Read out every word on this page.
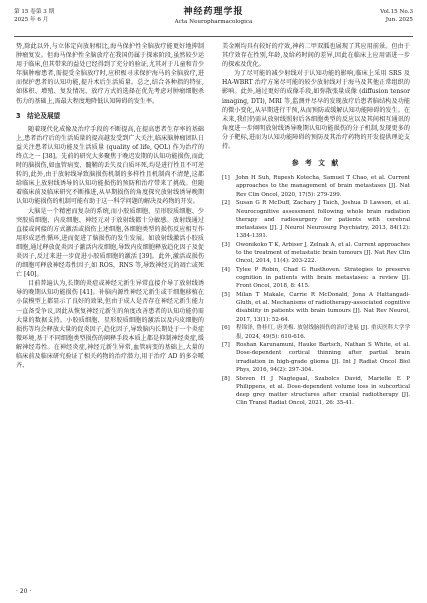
第 15 卷第 3 期
2025 年 6 月
神经药理学报
Acta Neuropharmacologica
Vol.15 No.3
Jun. 2025

势,除此以外,与立体定向放射相比,海马保护性全脑放疗能更好地抑制肿瘤复发。但海马保护性全脑放疗在我国仍属于探索阶段,虽然较少运用于临床,但其带来的益处已经得到了充分的验证,尤其对于儿童和青少年脑肿瘤患者,需提受全脑放疗时,应积极寻求保护海马的全脑放疗,进而保护患者的认知功能,提升术后生活质量。总之,结合各种指的特征,如体积、增殖、复发情况、放疗方式的选择在优先考虑对肿瘤细胞杀伤力的基础上,需最大程度地降低认知障碍的发生率。

3　结论及展望

随着现代化成像及治疗手段的不断提高,在提高患者生存率的基础上,患者治疗后的生活质量的提高越发受到广大关注,临床脑肿瘤团队日益关注患者认知功能及生活质量 (quality of life, QOL) 作为治疗的终点之一 [38]。先前的研究大多聚焦于晚迟发期的认知功能损伤,而此时的脑损伤,如血管病变、髓鞘的丢失及白质坏死,均是进行性且不可逆转的,此外,由于放射线导致脑损伤机制的多样性且机制尚不清楚,这都给临床上放射线诱导的认知功能损伤的预防和治疗带来了挑战。但随着临床前及临床研究不断推进,从早期损伤的角度探究放射线诱导晚期认知功能损伤的机制可能有助于这一科学问题的解决及药物的开发。

大脑是一个精密而复杂的系统,而小胶质细胞、星形胶质细胞、少突胶质细胞、内皮细胞、神经元对于放射线都十分敏感。放射线通过直接或间接的方式激活或损伤上述细胞,各细胞类型的损伤反应相互作用形成恶性循环,进而促进了脑损伤的发生发展。如放射线激活小胶质细胞,通过释放促炎因子激活内皮细胞,导致内皮细胞释放趋化因子及促炎因子,反过来进一步促进小胶质细胞的激活 [39]。此外,激活或损伤的细胞可释放神经毒性因子,如 ROS、RNS 等,导致神经元的凋亡或死亡 [40]。

目前普遍认为,长期的炎症或神经元新生异常直接介导了放射线诱导的晚期认知功能损伤 [41]。补脑内源性神经元新生或干细胞移植在小鼠模型上都显示了良好的效果,但由于成人是否存在神经元新生能力一直备受争议,因此从恢复神经元新生的角度改善患者的认知功能仍需大量的数据支持。小胶质细胞、星形胶质细胞的激活以及内皮细胞的损伤等均会释放大量的促炎因子,趋化因子,导致脑内长期处于一个炎症微环境,基于不同细胞类型损伤的阐释手段本质上都是抑制神经炎症,缓解神经毒性。在神经炎症,神经元新生异常,血管病变的基础上,大量的临床前及临床研究验证了相关药物的治疗潜力,用于治疗 AD 的多奈哌齐、

美金刚均具有较好的疗效,神药二甲双胍也展现了其应用前景。但由于其疗效存在性别,年龄,及给药时间的差异,因此在临床上应用需进一步的探索及优化。

为了尽可能的减少射线对于认知功能的影响,临床上采用 SRS 及 HA-WBRT 治疗方案尽可能的较少放射线对于海马及其他正常组织的影响。此外,通过更好的成像手段,如弥散张量成像 (diffusion tensor imaging, DTI), MRI 等,监测并尽早的发现放疗后患者脑结构及功能的微小变化,从早期进行干预,从而预防或缓解认知功能障碍的发生。在未来,我们仍需从放射线照射后各细胞类型的反应以及其间相互通讯的角度进一步阐明放射线诱导晚期认知功能损伤的分子机制,发现更多的分子靶标,进而为认知功能障碍的预防及其治疗药物的开发提供理论支持。

参 考 文 献
[1] John H Suh, Rupesh Kotecha, Samuel T Chao, et al. Current approaches to the management of brain metastases [J]. Nat Rev Clin Oncol, 2020, 17(5): 279-299.
[2] Susan G R McDuff, Zachary J Taich, Joshua D Lawson, et al. Neurocognitive assessment following whole brain radiation therapy and radiosurgery for patients with cerebral metastases [J]. J Neurol Neurosurg Psychiatry, 2013, 84(12): 1384-1391.
[3] Owonikoko T K, Arbiser J, Zelnak A, et al. Current approaches to the treatment of metastatic brain tumours [J]. Nat Rev Clin Oncol, 2014, 11(4): 203-222.
[4] Tylee P Robin, Chad G Rusthoven. Strategies to preserve cognition in patients with brain metastases: a review [J]. Front Oncol, 2018, 8: 415.
[5] Milan T Makale, Carrie R McDonald, Jona A Hattangadi-Gluth, et al. Mechanisms of radiotherapy-associated cognitive disability in patients with brain tumours [J]. Nat Rev Neurol, 2017, 13(1): 52-64.
[6] 程锦泽, 鲁桂红, 唐美梅. 放射线脑损伤的治疗进展 [J]. 重庆医科大学学报, 2024, 49(5): 610-616.
[7] Roshan Karunamuni, Hauke Bartsch, Nathan S White, et al. Dose-dependent cortical thinning after partial brain irradiation in high-grade glioma [J]. Int J Radiat Oncol Biol Phys, 2016, 94(2): 297-304.
[8] Steven H J Nagtegaal, Szabolcs David, Marielle E P Philippens, et al. Dose-dependent volume loss in subcortical deep grey matter structures after cranial radiotherapy [J]. Clin Transl Radiat Oncol, 2021, 26: 35-41.
· 20 ·
